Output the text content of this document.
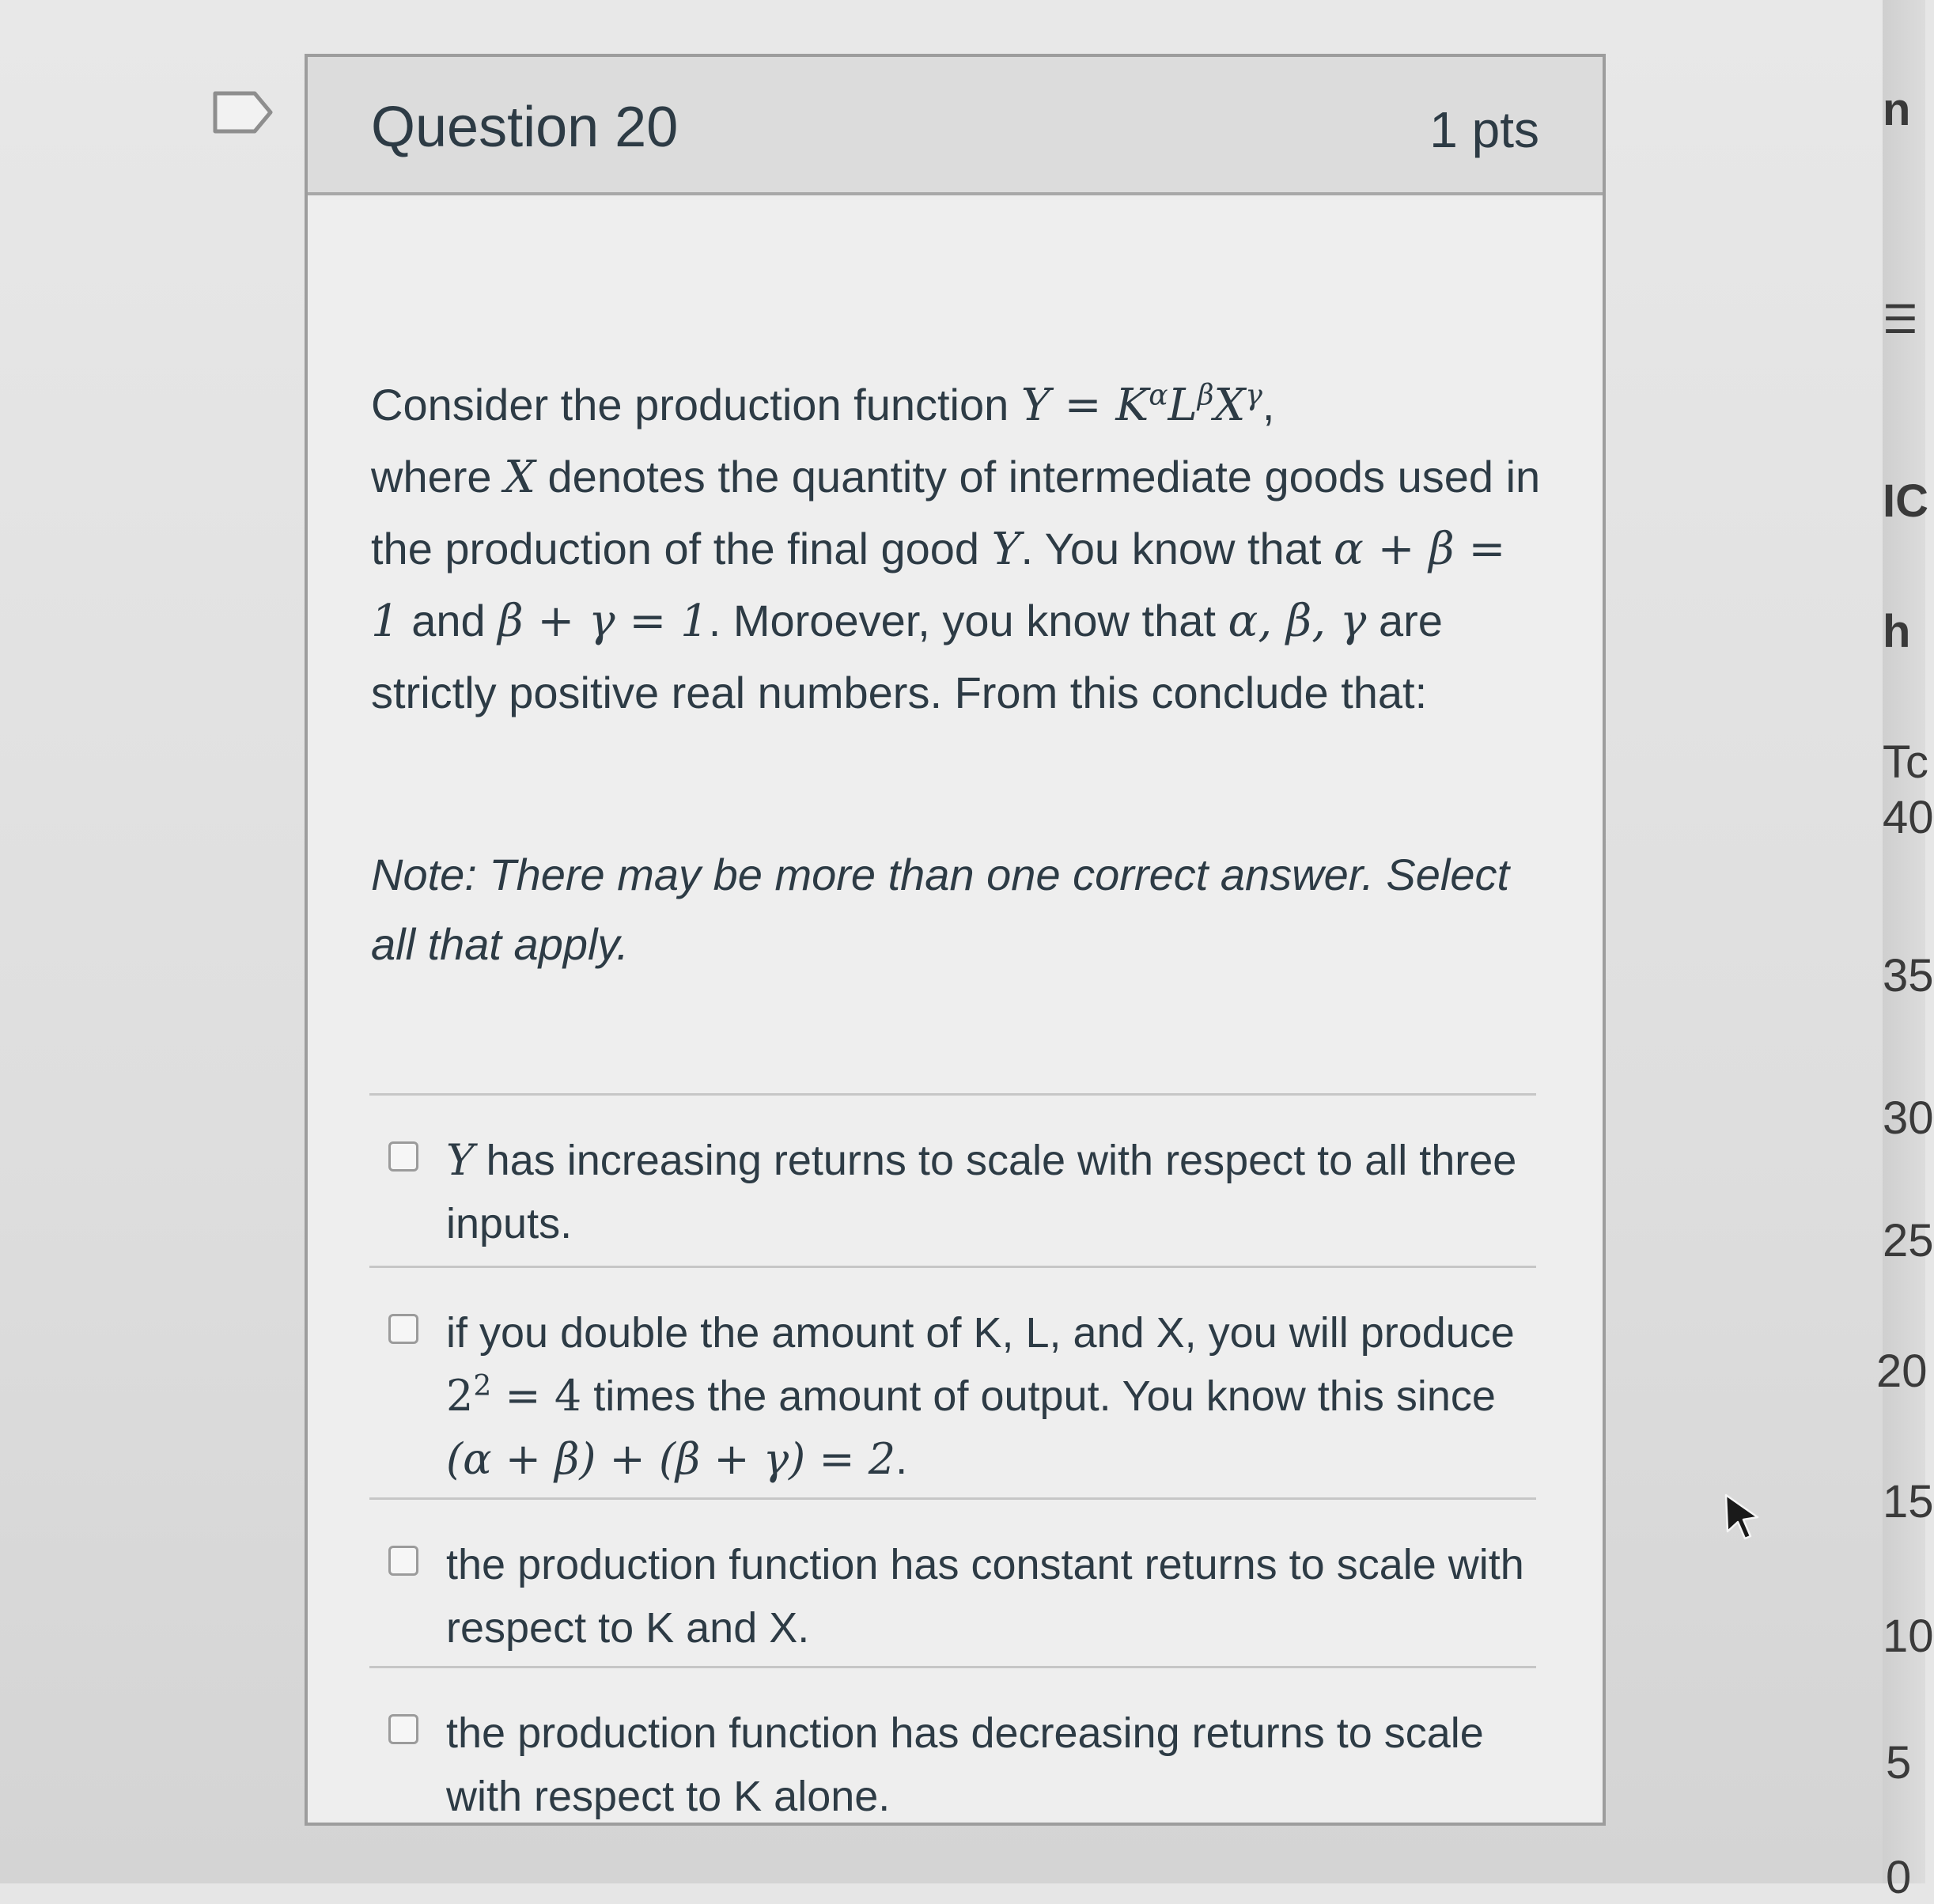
Question 20	1 pts
Consider the production function $Y = K^\alpha L^\beta X^\gamma$,
where X denotes the quantity of intermediate goods used in the production of the final good Y. You know that α + β = 1 and β + γ = 1. Moroever, you know that α, β, γ are strictly positive real numbers. From this conclude that:
Note: There may be more than one correct answer. Select all that apply.
Y has increasing returns to scale with respect to all three inputs.
if you double the amount of K, L, and X, you will produce $2^2 = 4$ times the amount of output. You know this since (α + β) + (β + γ) = 2.
the production function has constant returns to scale with respect to K and X.
the production function has decreasing returns to scale with respect to K alone.
n
☰
IC
h
Tc
40
35
30
25
20
15
10
5
0
